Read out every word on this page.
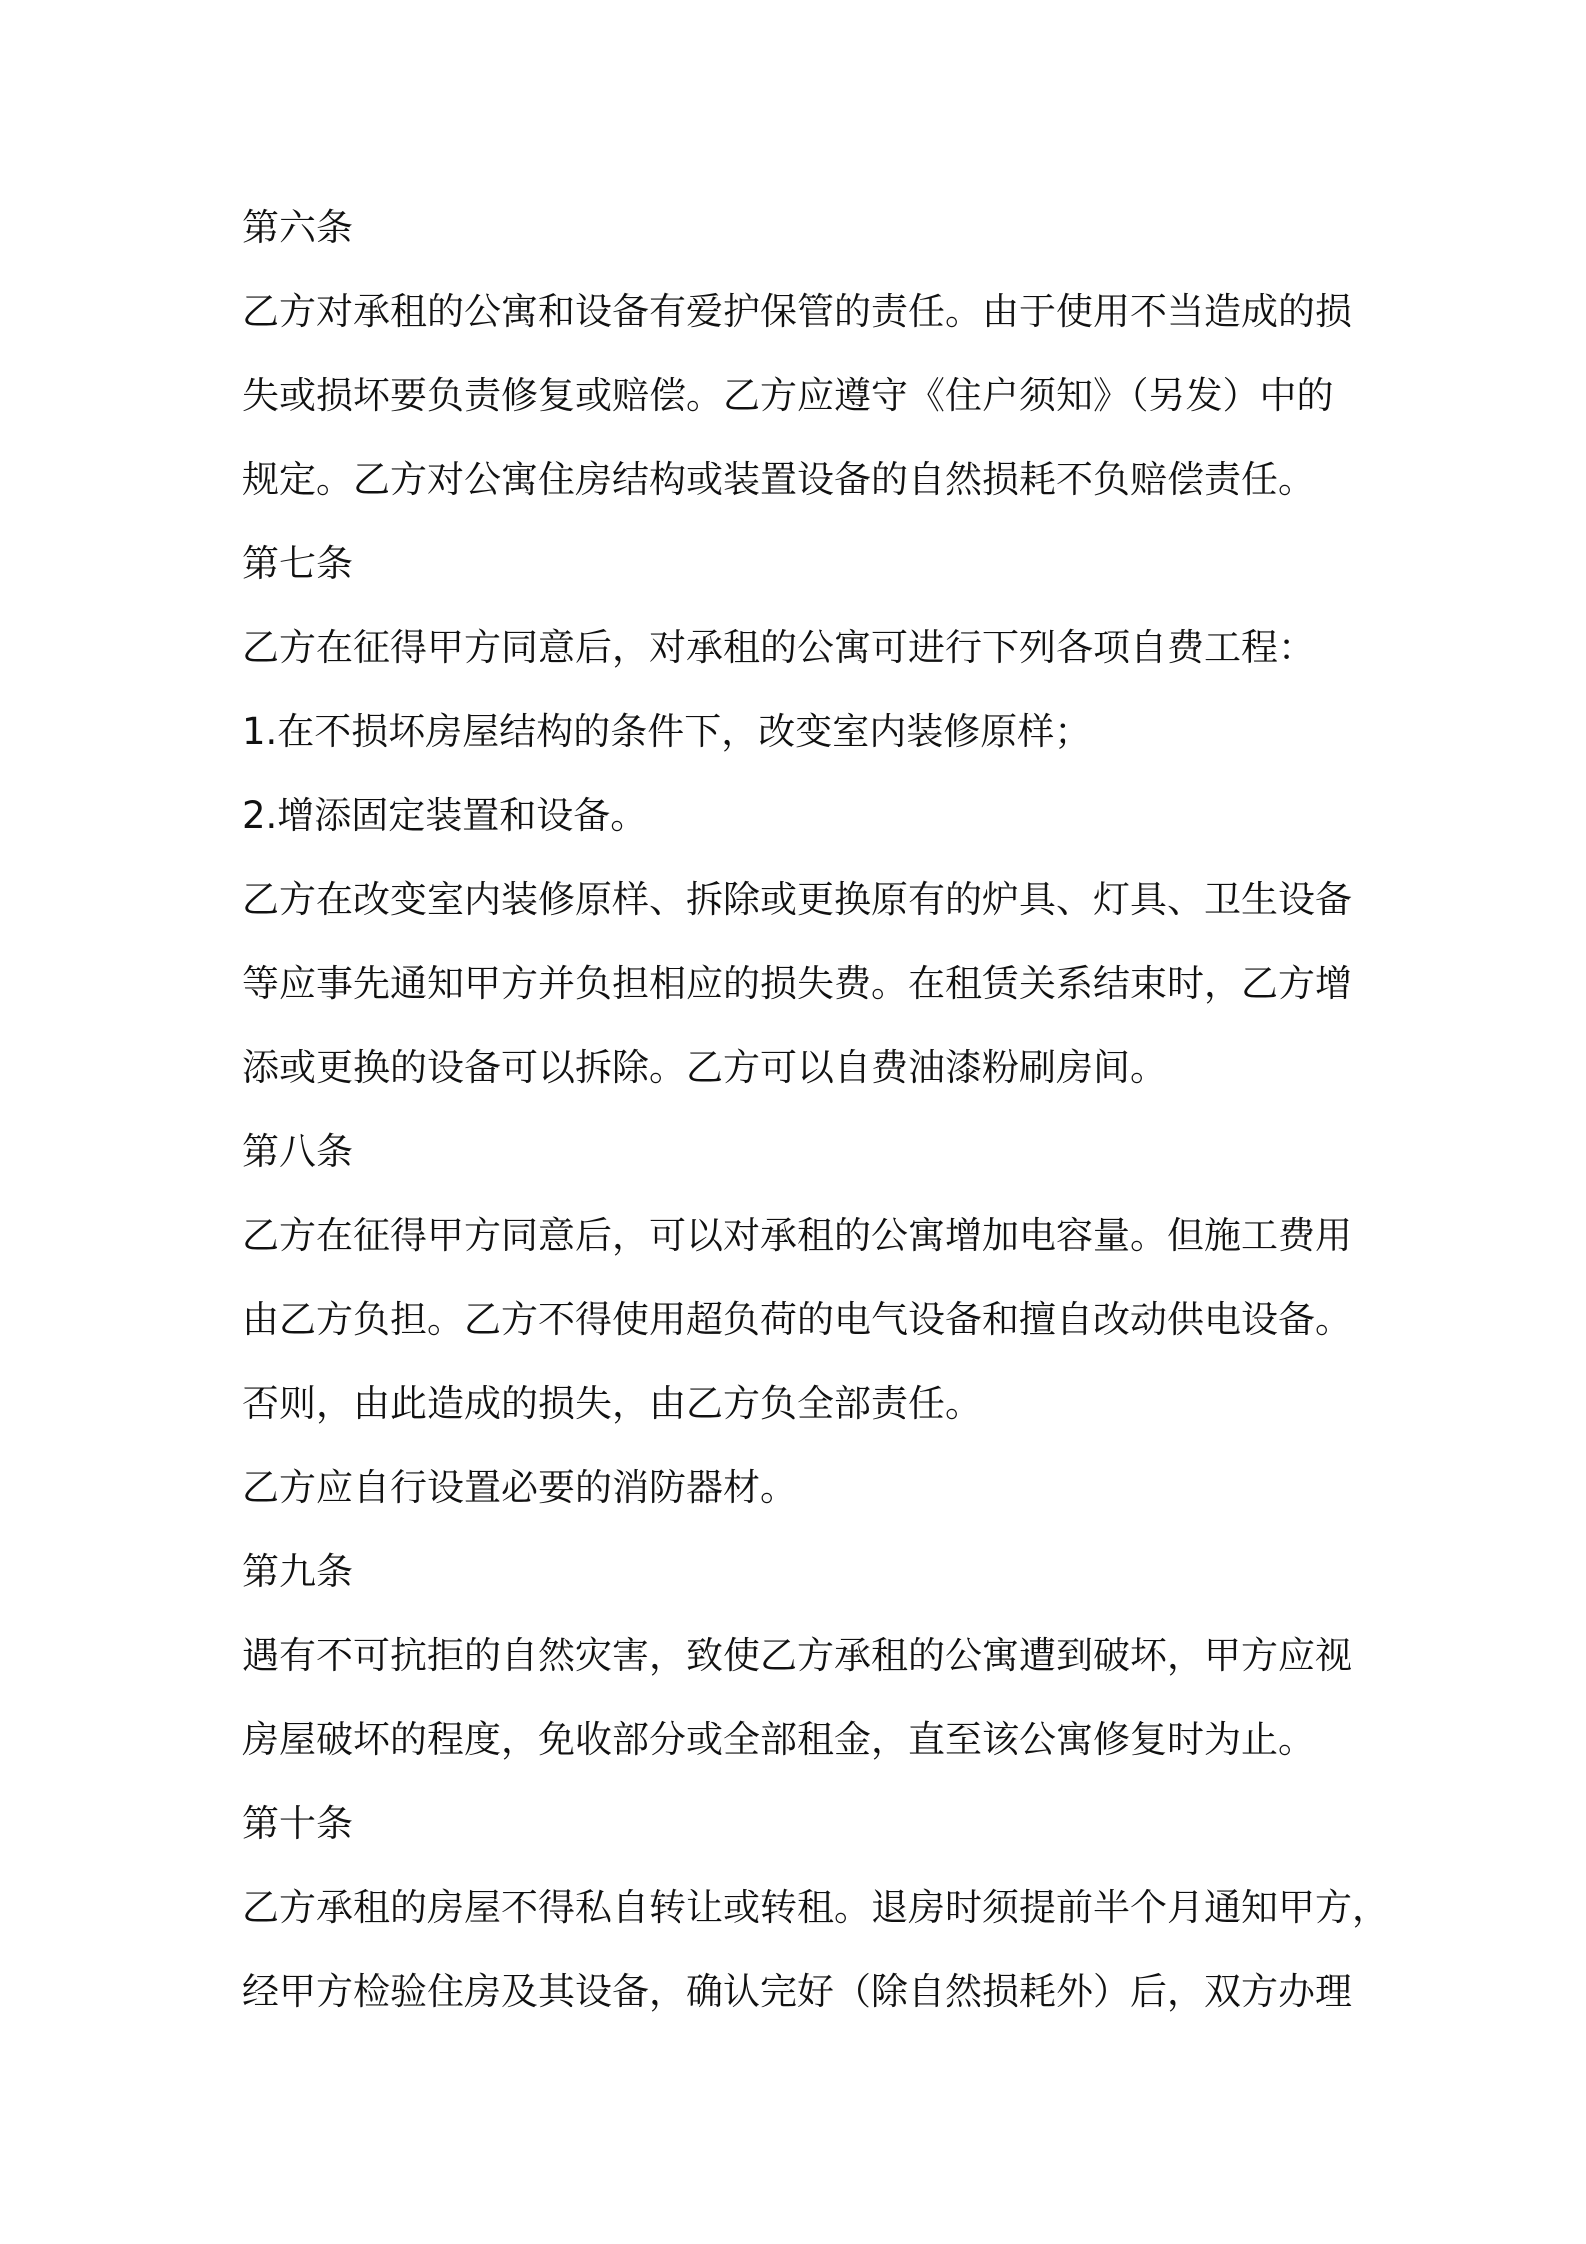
第六条
乙方对承租的公寓和设备有爱护保管的责任。由于使用不当造成的损
失或损坏要负责修复或赔偿。乙方应遵守《住户须知》（另发）中的
规定。乙方对公寓住房结构或装置设备的自然损耗不负赔偿责任。
第七条
乙方在征得甲方同意后，对承租的公寓可进行下列各项自费工程：
1.在不损坏房屋结构的条件下，改变室内装修原样；
2.增添固定装置和设备。
乙方在改变室内装修原样、拆除或更换原有的炉具、灯具、卫生设备
等应事先通知甲方并负担相应的损失费。在租赁关系结束时，乙方增
添或更换的设备可以拆除。乙方可以自费油漆粉刷房间。
第八条
乙方在征得甲方同意后，可以对承租的公寓增加电容量。但施工费用
由乙方负担。乙方不得使用超负荷的电气设备和擅自改动供电设备。
否则，由此造成的损失，由乙方负全部责任。
乙方应自行设置必要的消防器材。
第九条
遇有不可抗拒的自然灾害，致使乙方承租的公寓遭到破坏，甲方应视
房屋破坏的程度，免收部分或全部租金，直至该公寓修复时为止。
第十条
乙方承租的房屋不得私自转让或转租。退房时须提前半个月通知甲方，
经甲方检验住房及其设备，确认完好（除自然损耗外）后，双方办理
